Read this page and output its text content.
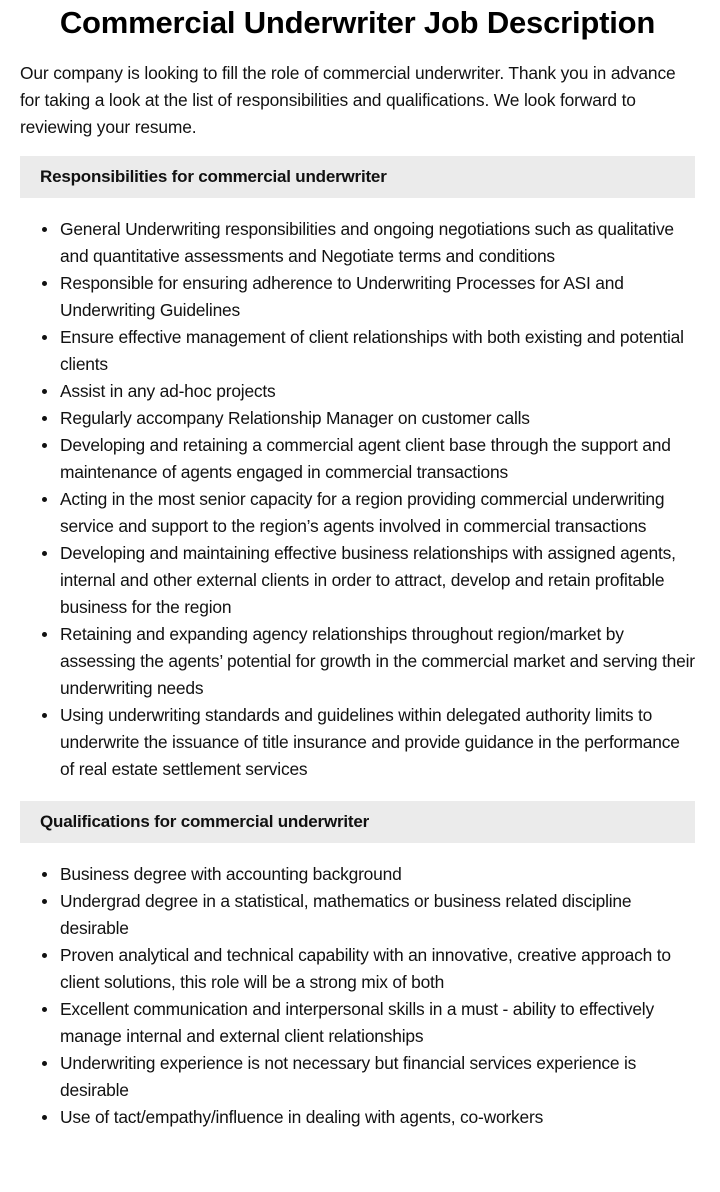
Commercial Underwriter Job Description

Our company is looking to fill the role of commercial underwriter. Thank you in advance for taking a look at the list of responsibilities and qualifications. We look forward to reviewing your resume.

Responsibilities for commercial underwriter
General Underwriting responsibilities and ongoing negotiations such as qualitative and quantitative assessments and Negotiate terms and conditions
Responsible for ensuring adherence to Underwriting Processes for ASI and Underwriting Guidelines
Ensure effective management of client relationships with both existing and potential clients
Assist in any ad-hoc projects
Regularly accompany Relationship Manager on customer calls
Developing and retaining a commercial agent client base through the support and maintenance of agents engaged in commercial transactions
Acting in the most senior capacity for a region providing commercial underwriting service and support to the region’s agents involved in commercial transactions
Developing and maintaining effective business relationships with assigned agents, internal and other external clients in order to attract, develop and retain profitable business for the region
Retaining and expanding agency relationships throughout region/market by assessing the agents’ potential for growth in the commercial market and serving their underwriting needs
Using underwriting standards and guidelines within delegated authority limits to underwrite the issuance of title insurance and provide guidance in the performance of real estate settlement services
Qualifications for commercial underwriter
Business degree with accounting background
Undergrad degree in a statistical, mathematics or business related discipline desirable
Proven analytical and technical capability with an innovative, creative approach to client solutions, this role will be a strong mix of both
Excellent communication and interpersonal skills in a must - ability to effectively manage internal and external client relationships
Underwriting experience is not necessary but financial services experience is desirable
Use of tact/empathy/influence in dealing with agents, co-workers
